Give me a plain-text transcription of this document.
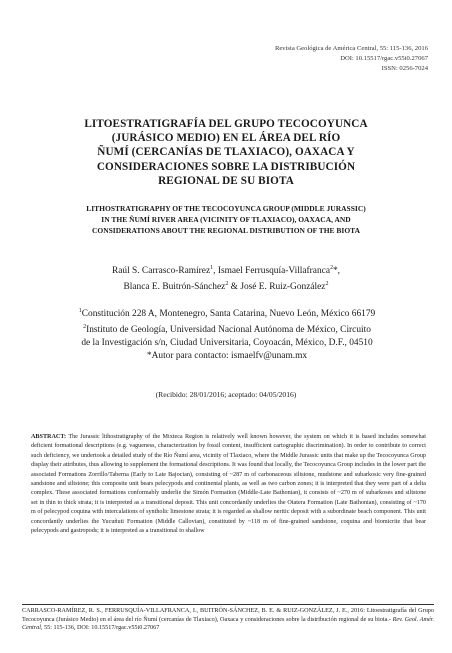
Revista Geológica de América Central, 55: 115-136, 2016
DOI: 10.15517/rgac.v55i0.27067
ISSN: 0256-7024
LITOESTRATIGRAFÍA DEL GRUPO TECOCOYUNCA
(JURÁSICO MEDIO) EN EL ÁREA DEL RÍO
ÑUMÍ (CERCANÍAS DE TLAXIACO), OAXACA Y
CONSIDERACIONES SOBRE LA DISTRIBUCIÓN
REGIONAL DE SU BIOTA
LITHOSTRATIGRAPHY OF THE TECOCOYUNCA GROUP (MIDDLE JURASSIC)
IN THE ÑUMÍ RIVER AREA (VICINITY OF TLAXIACO), OAXACA, AND
CONSIDERATIONS ABOUT THE REGIONAL DISTRIBUTION OF THE BIOTA
Raúl S. Carrasco-Ramírez$^1$, Ismael Ferrusquía-Villafranca$^2$*,
Blanca E. Buitrón-Sánchez$^2$ & José E. Ruiz-González$^2$
$^1$Constitución 228 A, Montenegro, Santa Catarina, Nuevo León, México 66179
$^2$Instituto de Geología, Universidad Nacional Autónoma de México, Circuito
de la Investigación s/n, Ciudad Universitaria, Coyoacán, México, D.F., 04510
*Autor para contacto: ismaelfv@unam.mx
(Recibido: 28/01/2016; aceptado: 04/05/2016)
ABSTRACT: The Jurassic lithostratigraphy of the Mixteca Region is relatively well known however, the system on which it is based includes somewhat deficient formational descriptions (e.g. vagueness, characterization by fossil content, insufficient cartographic discrimination). In order to contribute to correct such deficiency, we undertook a detailed study of the Río Ñumí area, vicinity of Tlaxiaco, where the Middle Jurassic units that make up the Tecocoyunca Group display their attributes, thus allowing to supplement the formational descriptions. It was found that locally, the Tecocoyunca Group includes in the lower part the associated Formations Zorrillo/Taberna (Early to Late Bajocian), consisting of ~287 m of carbonaceous siltstone, mudstone and subarkosic very fine-grained sandstone and siltstone; this composite unit bears pelecypods and continental plants, as well as two carbon zones; it is interpreted that they were part of a delta complex. These associated formations conformably underlie the Simón Formation (Middle-Late Bathonian), it consists of ~270 m of subarkoses and siltstone set in thin to thick strata; it is interpreted as a transitional deposit. This unit concordantly underlies the Otatera Formation (Late Bathonian), consisting of ~170 m of pelecypod coquina with intercalations of syntholic limestone strata; it is regarded as shallow neritic deposit with a subordinate beach component. This unit concordantly underlies the Yucuñuti Formation (Middle Callovian), constituted by ~118 m of fine-grained sandstone, coquina and biomicrite that bear pelecypods and gastropods; it is interpreted as a transitional to shallow
CARRASCO-RAMÍREZ, R. S., FERRUSQUÍA-VILLAFRANCA, I., BUITRÓN-SÁNCHEZ, B. E. & RUIZ-GONZÁLEZ, J. E., 2016: Litoestratigrafía del Grupo Tecocoyunca (Jurásico Medio) en el área del río Ñumí (cercanías de Tlaxiaco), Oaxaca y consideraciones sobre la distribución regional de su biota.- Rev. Geol. Amér. Central, 55: 115-136, DOI: 10.15517/rgac.v55i0.27067
